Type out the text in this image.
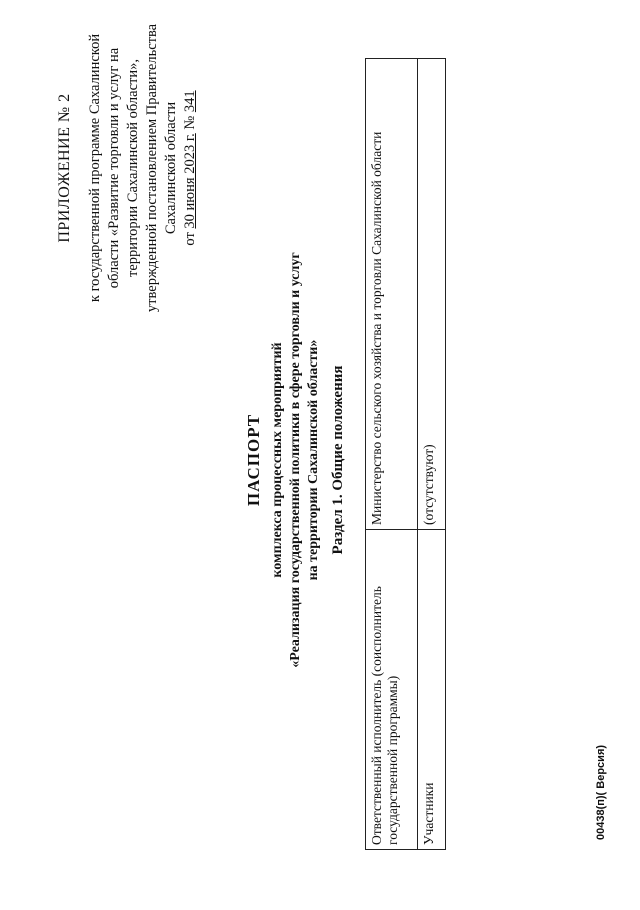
ПРИЛОЖЕНИЕ № 2 к государственной программе Сахалинской области «Развитие торговли и услуг на территории Сахалинской области», утвержденной постановлением Правительства Сахалинской области
от 30 июня 2023 г. № 341
ПАСПОРТ комплекса процессных мероприятий «Реализация государственной политики в сфере торговли и услуг на территории Сахалинской области» Раздел 1. Общие положения
Ответственный исполнитель (соисполнитель государственной программы)	Министерство сельского хозяйства и торговли Сахалинской области
Участники	(отсутствуют)
00438(п)( Версия)
